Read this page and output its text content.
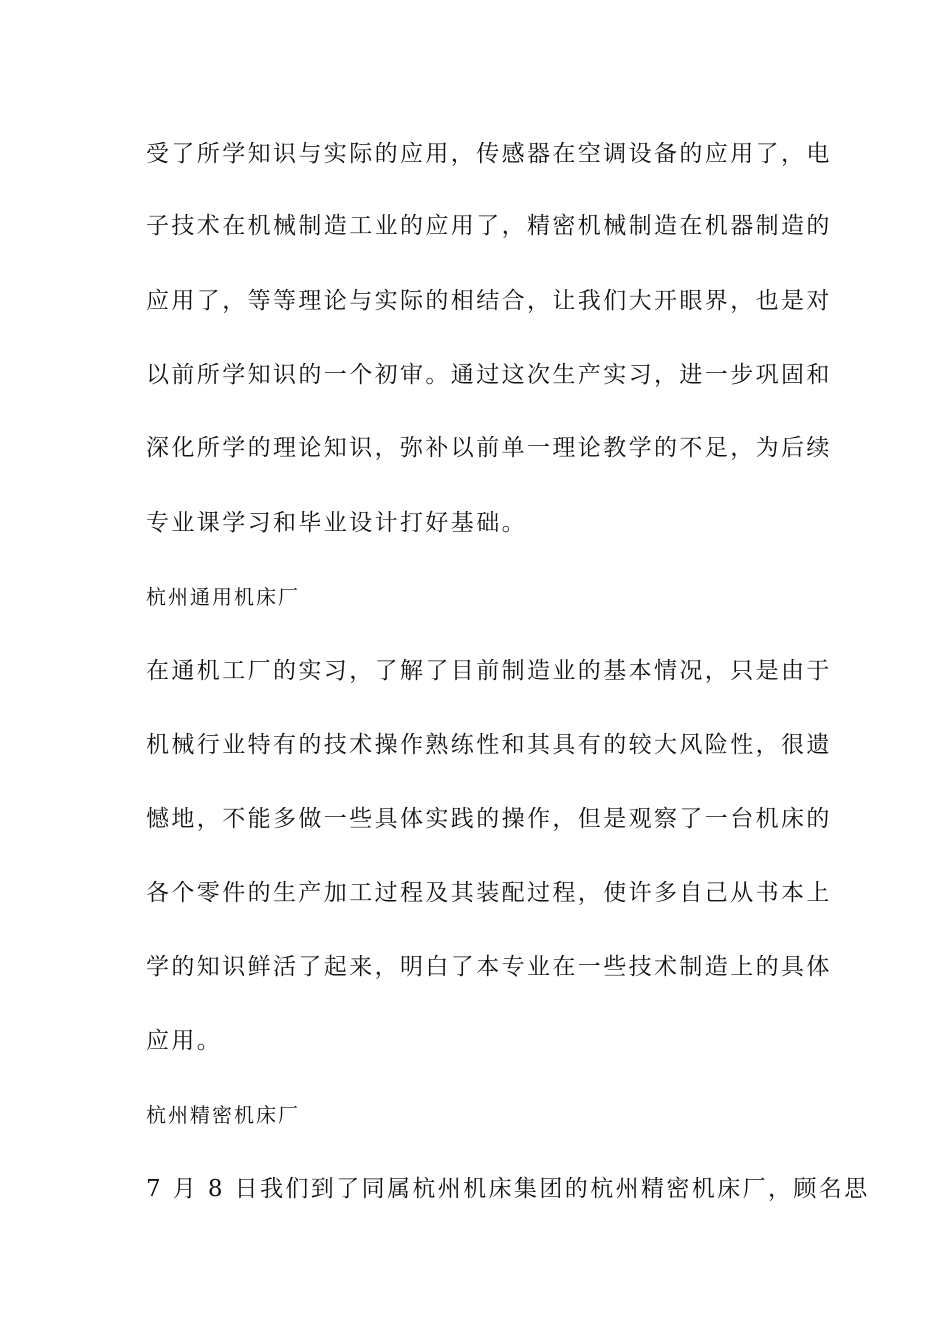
受了所学知识与实际的应用，传感器在空调设备的应用了，电
子技术在机械制造工业的应用了，精密机械制造在机器制造的
应用了，等等理论与实际的相结合，让我们大开眼界，也是对
以前所学知识的一个初审。通过这次生产实习，进一步巩固和
深化所学的理论知识，弥补以前单一理论教学的不足，为后续
专业课学习和毕业设计打好基础。
杭州通用机床厂
在通机工厂的实习，了解了目前制造业的基本情况，只是由于
机械行业特有的技术操作熟练性和其具有的较大风险性，很遗
憾地，不能多做一些具体实践的操作，但是观察了一台机床的
各个零件的生产加工过程及其装配过程，使许多自己从书本上
学的知识鲜活了起来，明白了本专业在一些技术制造上的具体
应用。
杭州精密机床厂
7 月 8 日我们到了同属杭州机床集团的杭州精密机床厂，顾名思
